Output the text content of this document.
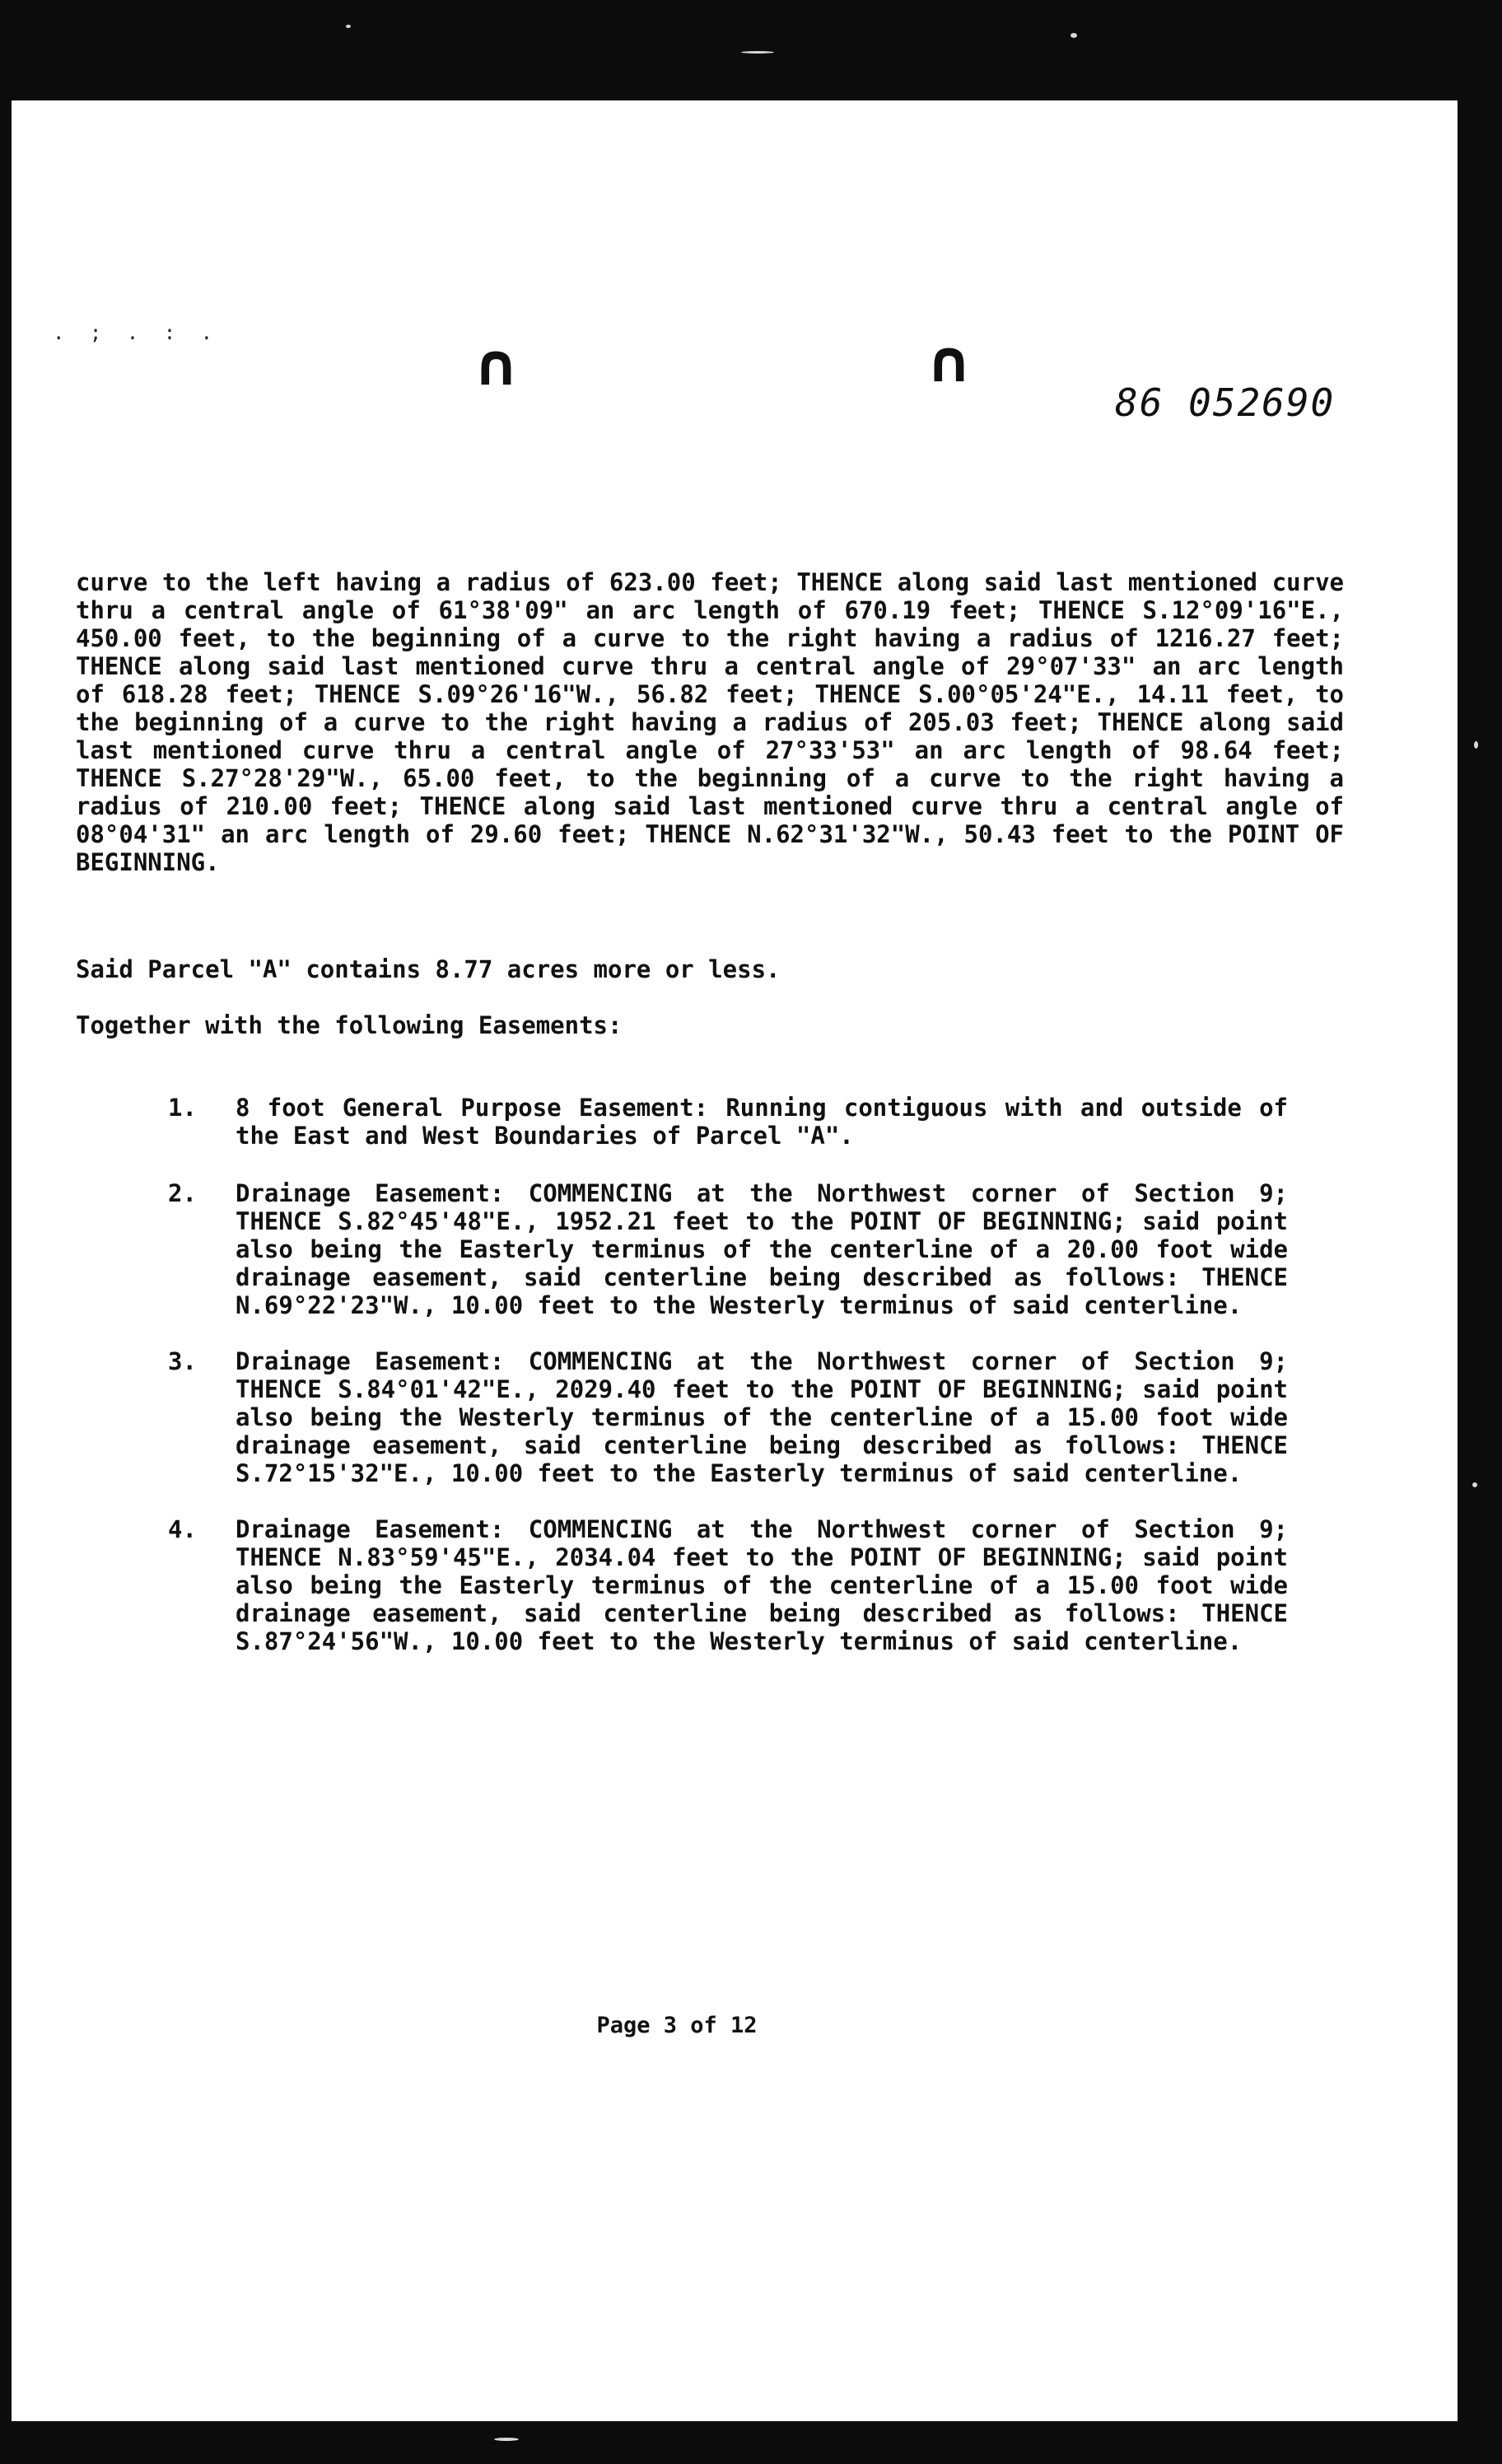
. ; . : .	∩	∩
86 052690
curve to the left having a radius of 623.00 feet; THENCE along said last mentioned curve thru a central angle of 61°38'09" an arc length of 670.19 feet; THENCE S.12°09'16"E., 450.00 feet, to the beginning of a curve to the right having a radius of 1216.27 feet; THENCE along said last mentioned curve thru a central angle of 29°07'33" an arc length of 618.28 feet; THENCE S.09°26'16"W., 56.82 feet; THENCE S.00°05'24"E., 14.11 feet, to the beginning of a curve to the right having a radius of 205.03 feet; THENCE along said last mentioned curve thru a central angle of 27°33'53" an arc length of 98.64 feet; THENCE S.27°28'29"W., 65.00 feet, to the beginning of a curve to the right having a radius of 210.00 feet; THENCE along said last mentioned curve thru a central angle of 08°04'31" an arc length of 29.60 feet; THENCE N.62°31'32"W., 50.43 feet to the POINT OF BEGINNING.
Said Parcel "A" contains 8.77 acres more or less.
Together with the following Easements:
1. 8 foot General Purpose Easement: Running contiguous with and outside of the East and West Boundaries of Parcel "A".
2. Drainage Easement: COMMENCING at the Northwest corner of Section 9; THENCE S.82°45'48"E., 1952.21 feet to the POINT OF BEGINNING; said point also being the Easterly terminus of the centerline of a 20.00 foot wide drainage easement, said centerline being described as follows: THENCE N.69°22'23"W., 10.00 feet to the Westerly terminus of said centerline.
3. Drainage Easement: COMMENCING at the Northwest corner of Section 9; THENCE S.84°01'42"E., 2029.40 feet to the POINT OF BEGINNING; said point also being the Westerly terminus of the centerline of a 15.00 foot wide drainage easement, said centerline being described as follows: THENCE S.72°15'32"E., 10.00 feet to the Easterly terminus of said centerline.
4. Drainage Easement: COMMENCING at the Northwest corner of Section 9; THENCE N.83°59'45"E., 2034.04 feet to the POINT OF BEGINNING; said point also being the Easterly terminus of the centerline of a 15.00 foot wide drainage easement, said centerline being described as follows: THENCE S.87°24'56"W., 10.00 feet to the Westerly terminus of said centerline.
Page 3 of 12
